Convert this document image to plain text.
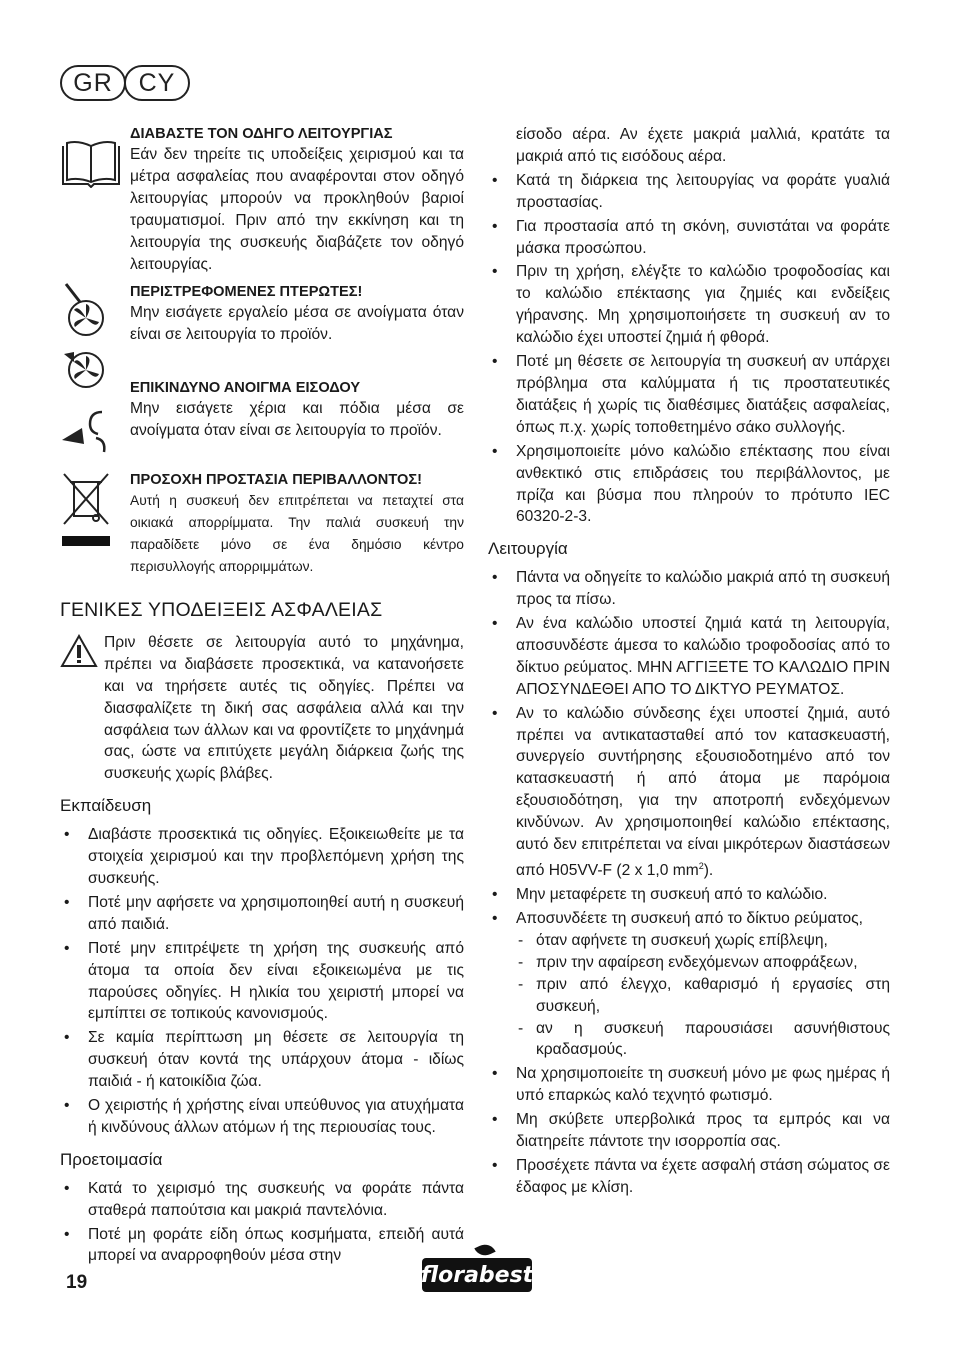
GR	CY

ΔΙΑΒΑΣΤΕ ΤΟΝ ΟΔΗΓΟ ΛΕΙΤΟΥΡΓΙΑΣ

Εάν δεν τηρείτε τις υποδείξεις χειρισμού και τα μέτρα ασφαλείας που αναφέρονται στον οδηγό λειτουργίας μπορούν να προκληθούν βαριοί τραυματισμοί. Πριν από την εκκίνηση και τη λειτουργία της συσκευής διαβάζετε τον οδηγό λειτουργίας.

ΠΕΡΙΣΤΡΕΦΟΜΕΝΕΣ ΠΤΕΡΩΤΕΣ!

Μην εισάγετε εργαλείο μέσα σε ανοίγματα όταν είναι σε λειτουργία το προϊόν.

ΕΠΙΚΙΝΔΥΝΟ ΑΝΟΙΓΜΑ ΕΙΣΟΔΟΥ

Μην εισάγετε χέρια και πόδια μέσα σε ανοίγματα όταν είναι σε λειτουργία το προϊόν.

ΠΡΟΣΟΧΗ ΠΡΟΣΤΑΣΙΑ ΠΕΡΙΒΑΛΛΟΝΤΟΣ!

Αυτή η συσκευή δεν επιτρέπεται να πεταχτεί στα οικιακά απορρίμματα. Την παλιά συσκευή την παραδίδετε μόνο σε ένα δημόσιο κέντρο περισυλλογής απορριμμάτων.

ΓΕΝΙΚΕΣ ΥΠΟΔΕΙΞΕΙΣ ΑΣΦΑΛΕΙΑΣ

Πριν θέσετε σε λειτουργία αυτό το μηχάνημα, πρέπει να διαβάσετε προσεκτικά, να κατανοήσετε και να τηρήσετε αυτές τις οδηγίες. Πρέπει να διασφαλίζετε τη δική σας ασφάλεια αλλά και την ασφάλεια των άλλων και να φροντίζετε το μηχάνημά σας, ώστε να επιτύχετε μεγάλη διάρκεια ζωής της συσκευής χωρίς βλάβες.

Εκπαίδευση
• Διαβάστε προσεκτικά τις οδηγίες. Εξοικειωθείτε με τα στοιχεία χειρισμού και την προβλεπόμενη χρήση της συσκευής.
• Ποτέ μην αφήσετε να χρησιμοποιηθεί αυτή η συσκευή από παιδιά.
• Ποτέ μην επιτρέψετε τη χρήση της συσκευής από άτομα τα οποία δεν είναι εξοικειωμένα με τις παρούσες οδηγίες. Η ηλικία του χειριστή μπορεί να εμπίπτει σε τοπικούς κανονισμούς.
• Σε καμία περίπτωση μη θέσετε σε λειτουργία τη συσκευή όταν κοντά της υπάρχουν άτομα - ιδίως παιδιά - ή κατοικίδια ζώα.
• Ο χειριστής ή χρήστης είναι υπεύθυνος για ατυχήματα ή κινδύνους άλλων ατόμων ή της περιουσίας τους.
Προετοιμασία
• Κατά το χειρισμό της συσκευής να φοράτε πάντα σταθερά παπούτσια και μακριά παντελόνια.
• Ποτέ μη φοράτε είδη όπως κοσμήματα, επειδή αυτά μπορεί να αναρροφηθούν μέσα στην
είσοδο αέρα. Αν έχετε μακριά μαλλιά, κρατάτε τα μακριά από τις εισόδους αέρα.
• Κατά τη διάρκεια της λειτουργίας να φοράτε γυαλιά προστασίας.
• Για προστασία από τη σκόνη, συνιστάται να φοράτε μάσκα προσώπου.
• Πριν τη χρήση, ελέγξτε το καλώδιο τροφοδοσίας και το καλώδιο επέκτασης για ζημιές και ενδείξεις γήρανσης. Μη χρησιμοποιήσετε τη συσκευή αν το καλώδιο έχει υποστεί ζημιά ή φθορά.
• Ποτέ μη θέσετε σε λειτουργία τη συσκευή αν υπάρχει πρόβλημα στα καλύμματα ή τις προστατευτικές διατάξεις ή χωρίς τις διαθέσιμες διατάξεις ασφαλείας, όπως π.χ. χωρίς τοποθετημένο σάκο συλλογής.
• Χρησιμοποιείτε μόνο καλώδιο επέκτασης που είναι ανθεκτικό στις επιδράσεις του περιβάλλοντος, με πρίζα και βύσμα που πληρούν το πρότυπο IEC 60320-2-3.
Λειτουργία
• Πάντα να οδηγείτε το καλώδιο μακριά από τη συσκευή προς τα πίσω.
• Αν ένα καλώδιο υποστεί ζημιά κατά τη λειτουργία, αποσυνδέστε άμεσα το καλώδιο τροφοδοσίας από το δίκτυο ρεύματος. ΜΗΝ ΑΓΓΙΞΕΤΕ ΤΟ ΚΑΛΩΔΙΟ ΠΡΙΝ ΑΠΟΣΥΝΔΕΘΕΙ ΑΠΟ ΤΟ ΔΙΚΤΥΟ ΡΕΥΜΑΤΟΣ.
• Αν το καλώδιο σύνδεσης έχει υποστεί ζημιά, αυτό πρέπει να αντικατασταθεί από τον κατασκευαστή, συνεργείο συντήρησης εξουσιοδοτημένο από τον κατασκευαστή ή από άτομα με παρόμοια εξουσιοδότηση, για την αποτροπή ενδεχόμενων κινδύνων. Αν χρησιμοποιηθεί καλώδιο επέκτασης, αυτό δεν επιτρέπεται να είναι μικρότερων διαστάσεων από H05VV-F (2 x 1,0 $mm^2$).
• Μην μεταφέρετε τη συσκευή από το καλώδιο.
• Αποσυνδέετε τη συσκευή από το δίκτυο ρεύματος,
- όταν αφήνετε τη συσκευή χωρίς επίβλεψη,
- πριν την αφαίρεση ενδεχόμενων αποφράξεων,
- πριν από έλεγχο, καθαρισμό ή εργασίες στη συσκευή,
- αν η συσκευή παρουσιάσει ασυνήθιστους κραδασμούς.
• Να χρησιμοποιείτε τη συσκευή μόνο με φως ημέρας ή υπό επαρκώς καλό τεχνητό φωτισμό.
• Μη σκύβετε υπερβολικά προς τα εμπρός και να διατηρείτε πάντοτε την ισορροπία σας.
• Προσέχετε πάντα να έχετε ασφαλή στάση σώματος σε έδαφος με κλίση.
19	florabest
